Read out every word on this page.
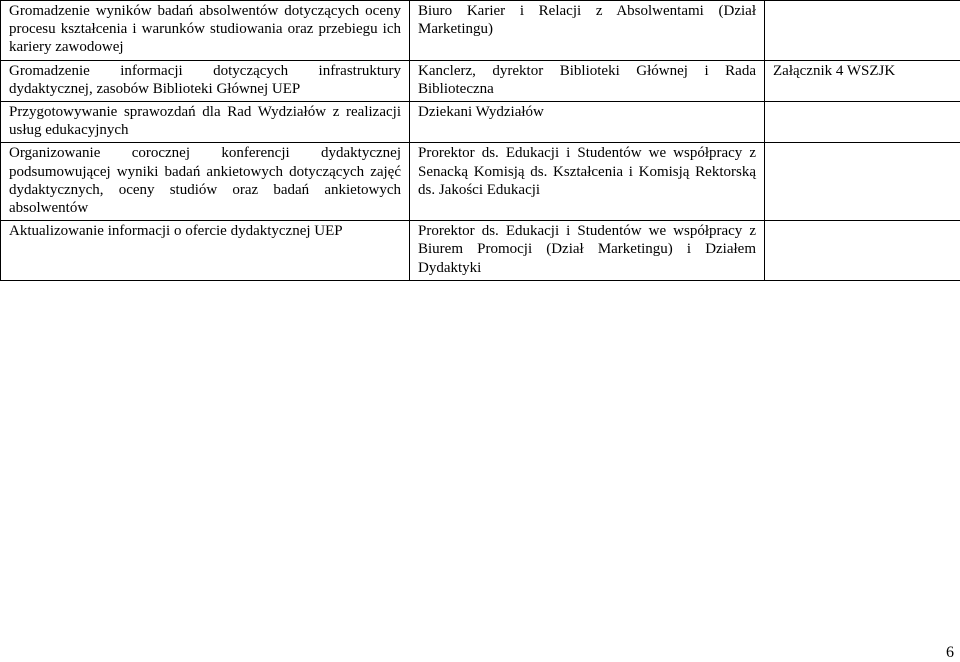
Gromadzenie wyników badań absolwentów dotyczących oceny procesu kształcenia i warunków studiowania oraz przebiegu ich kariery zawodowej	Biuro Karier i Relacji z Absolwentami (Dział Marketingu)	
Gromadzenie informacji dotyczących infrastruktury dydaktycznej, zasobów Biblioteki Głównej UEP	Kanclerz, dyrektor Biblioteki Głównej i Rada Biblioteczna	Załącznik 4 WSZJK
Przygotowywanie sprawozdań dla Rad Wydziałów z realizacji usług edukacyjnych	Dziekani Wydziałów	
Organizowanie corocznej konferencji dydaktycznej podsumowującej wyniki badań ankietowych dotyczących zajęć dydaktycznych, oceny studiów oraz badań ankietowych absolwentów	Prorektor ds. Edukacji i Studentów we współpracy z Senacką Komisją ds. Kształcenia i Komisją Rektorską ds. Jakości Edukacji	
Aktualizowanie informacji o ofercie dydaktycznej UEP	Prorektor ds. Edukacji i Studentów we współpracy z Biurem Promocji (Dział Marketingu) i Działem Dydaktyki	
6
